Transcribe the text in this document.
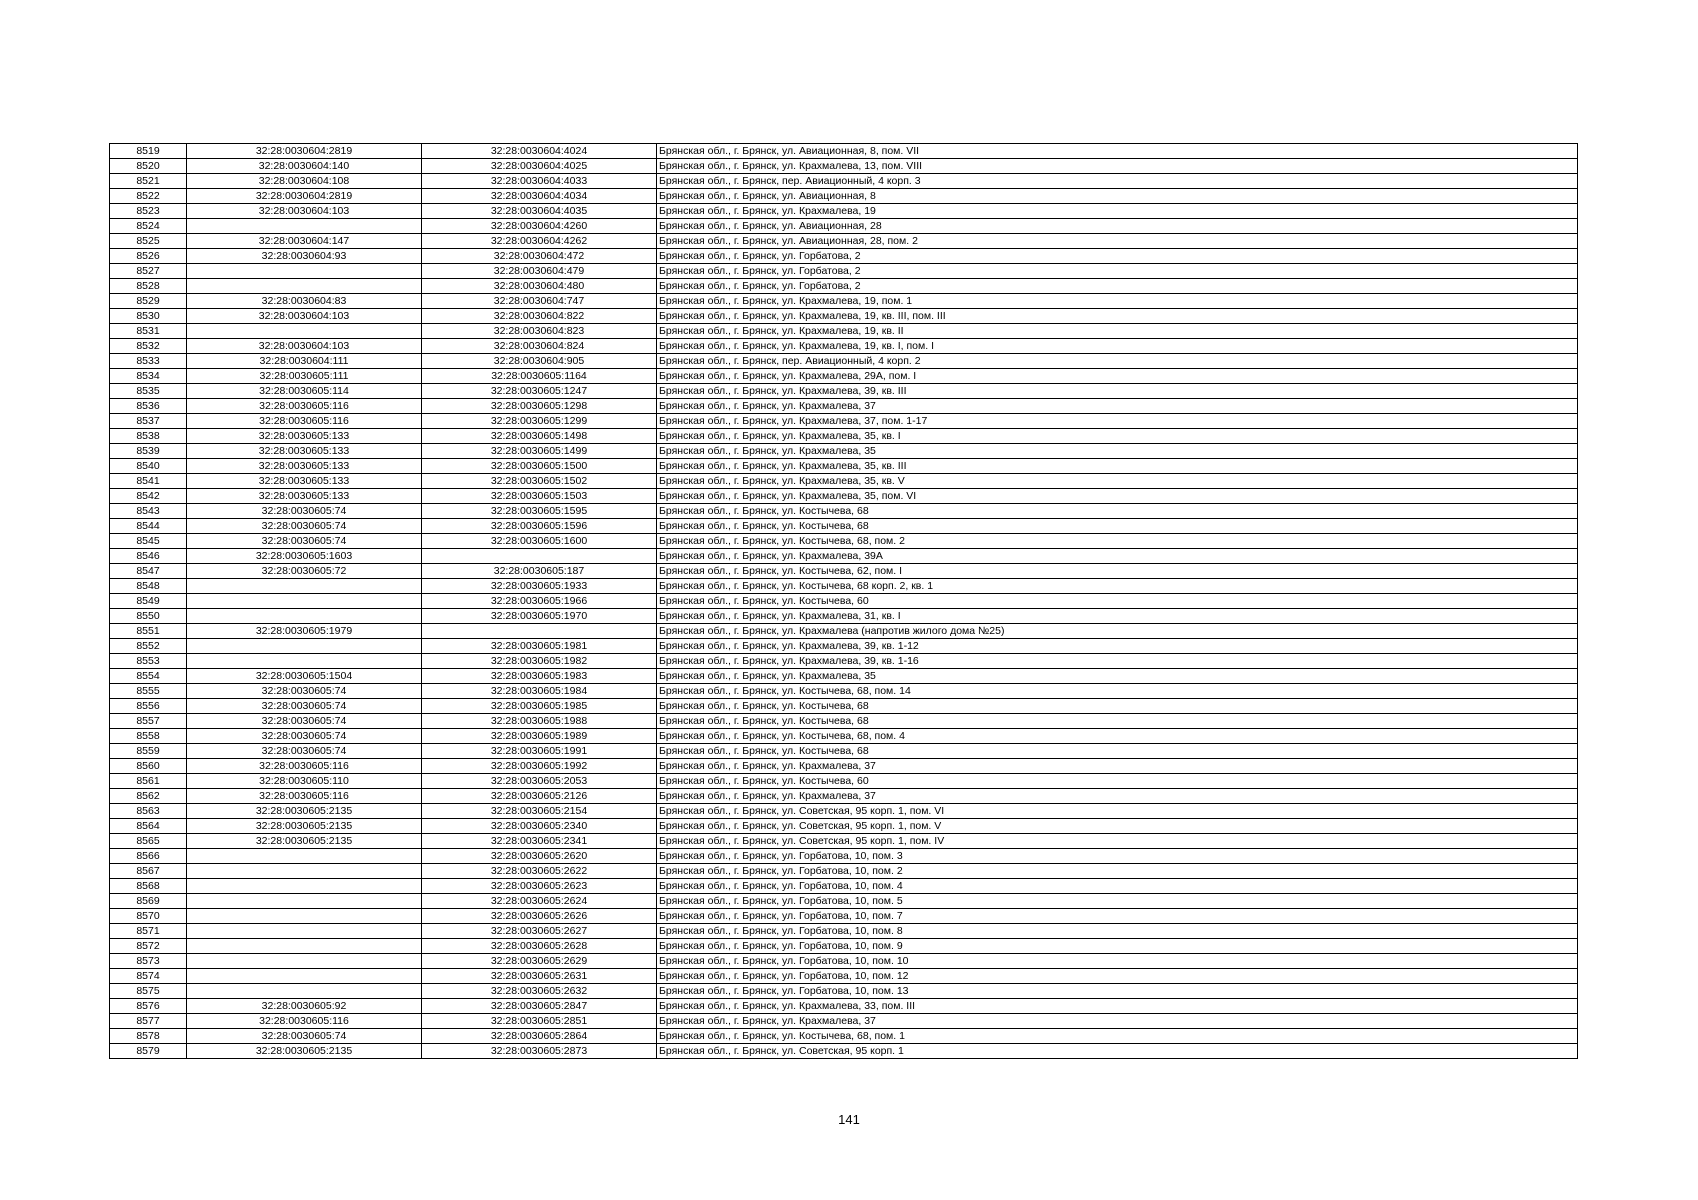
8519	32:28:0030604:2819	32:28:0030604:4024	Брянская обл., г. Брянск, ул. Авиационная, 8, пом. VII
8520	32:28:0030604:140	32:28:0030604:4025	Брянская обл., г. Брянск, ул. Крахмалева, 13, пом. VIII
8521	32:28:0030604:108	32:28:0030604:4033	Брянская обл., г. Брянск, пер. Авиационный, 4 корп. 3
8522	32:28:0030604:2819	32:28:0030604:4034	Брянская обл., г. Брянск, ул. Авиационная, 8
8523	32:28:0030604:103	32:28:0030604:4035	Брянская обл., г. Брянск, ул. Крахмалева, 19
8524		32:28:0030604:4260	Брянская обл., г. Брянск, ул. Авиационная, 28
8525	32:28:0030604:147	32:28:0030604:4262	Брянская обл., г. Брянск, ул. Авиационная, 28, пом. 2
8526	32:28:0030604:93	32:28:0030604:472	Брянская обл., г. Брянск, ул. Горбатова, 2
8527		32:28:0030604:479	Брянская обл., г. Брянск, ул. Горбатова, 2
8528		32:28:0030604:480	Брянская обл., г. Брянск, ул. Горбатова, 2
8529	32:28:0030604:83	32:28:0030604:747	Брянская обл., г. Брянск, ул. Крахмалева, 19, пом. 1
8530	32:28:0030604:103	32:28:0030604:822	Брянская обл., г. Брянск, ул. Крахмалева, 19, кв. III, пом. III
8531		32:28:0030604:823	Брянская обл., г. Брянск, ул. Крахмалева, 19, кв. II
8532	32:28:0030604:103	32:28:0030604:824	Брянская обл., г. Брянск, ул. Крахмалева, 19, кв. I, пом. I
8533	32:28:0030604:111	32:28:0030604:905	Брянская обл., г. Брянск, пер. Авиационный, 4 корп. 2
8534	32:28:0030605:111	32:28:0030605:1164	Брянская обл., г. Брянск, ул. Крахмалева, 29А, пом. I
8535	32:28:0030605:114	32:28:0030605:1247	Брянская обл., г. Брянск, ул. Крахмалева, 39, кв. III
8536	32:28:0030605:116	32:28:0030605:1298	Брянская обл., г. Брянск, ул. Крахмалева, 37
8537	32:28:0030605:116	32:28:0030605:1299	Брянская обл., г. Брянск, ул. Крахмалева, 37, пом. 1-17
8538	32:28:0030605:133	32:28:0030605:1498	Брянская обл., г. Брянск, ул. Крахмалева, 35, кв. I
8539	32:28:0030605:133	32:28:0030605:1499	Брянская обл., г. Брянск, ул. Крахмалева, 35
8540	32:28:0030605:133	32:28:0030605:1500	Брянская обл., г. Брянск, ул. Крахмалева, 35, кв. III
8541	32:28:0030605:133	32:28:0030605:1502	Брянская обл., г. Брянск, ул. Крахмалева, 35, кв. V
8542	32:28:0030605:133	32:28:0030605:1503	Брянская обл., г. Брянск, ул. Крахмалева, 35, пом. VI
8543	32:28:0030605:74	32:28:0030605:1595	Брянская обл., г. Брянск, ул. Костычева, 68
8544	32:28:0030605:74	32:28:0030605:1596	Брянская обл., г. Брянск, ул. Костычева, 68
8545	32:28:0030605:74	32:28:0030605:1600	Брянская обл., г. Брянск, ул. Костычева, 68, пом. 2
8546	32:28:0030605:1603		Брянская обл., г. Брянск, ул. Крахмалева, 39А
8547	32:28:0030605:72	32:28:0030605:187	Брянская обл., г. Брянск, ул. Костычева, 62, пом. I
8548		32:28:0030605:1933	Брянская обл., г. Брянск, ул. Костычева, 68 корп. 2, кв. 1
8549		32:28:0030605:1966	Брянская обл., г. Брянск, ул. Костычева, 60
8550		32:28:0030605:1970	Брянская обл., г. Брянск, ул. Крахмалева, 31, кв. I
8551	32:28:0030605:1979		Брянская обл., г. Брянск, ул. Крахмалева (напротив жилого дома №25)
8552		32:28:0030605:1981	Брянская обл., г. Брянск, ул. Крахмалева, 39, кв. 1-12
8553		32:28:0030605:1982	Брянская обл., г. Брянск, ул. Крахмалева, 39, кв. 1-16
8554	32:28:0030605:1504	32:28:0030605:1983	Брянская обл., г. Брянск, ул. Крахмалева, 35
8555	32:28:0030605:74	32:28:0030605:1984	Брянская обл., г. Брянск, ул. Костычева, 68, пом. 14
8556	32:28:0030605:74	32:28:0030605:1985	Брянская обл., г. Брянск, ул. Костычева, 68
8557	32:28:0030605:74	32:28:0030605:1988	Брянская обл., г. Брянск, ул. Костычева, 68
8558	32:28:0030605:74	32:28:0030605:1989	Брянская обл., г. Брянск, ул. Костычева, 68, пом. 4
8559	32:28:0030605:74	32:28:0030605:1991	Брянская обл., г. Брянск, ул. Костычева, 68
8560	32:28:0030605:116	32:28:0030605:1992	Брянская обл., г. Брянск, ул. Крахмалева, 37
8561	32:28:0030605:110	32:28:0030605:2053	Брянская обл., г. Брянск, ул. Костычева, 60
8562	32:28:0030605:116	32:28:0030605:2126	Брянская обл., г. Брянск, ул. Крахмалева, 37
8563	32:28:0030605:2135	32:28:0030605:2154	Брянская обл., г. Брянск, ул. Советская, 95 корп. 1, пом. VI
8564	32:28:0030605:2135	32:28:0030605:2340	Брянская обл., г. Брянск, ул. Советская, 95 корп. 1, пом. V
8565	32:28:0030605:2135	32:28:0030605:2341	Брянская обл., г. Брянск, ул. Советская, 95 корп. 1, пом. IV
8566		32:28:0030605:2620	Брянская обл., г. Брянск, ул. Горбатова, 10, пом. 3
8567		32:28:0030605:2622	Брянская обл., г. Брянск, ул. Горбатова, 10, пом. 2
8568		32:28:0030605:2623	Брянская обл., г. Брянск, ул. Горбатова, 10, пом. 4
8569		32:28:0030605:2624	Брянская обл., г. Брянск, ул. Горбатова, 10, пом. 5
8570		32:28:0030605:2626	Брянская обл., г. Брянск, ул. Горбатова, 10, пом. 7
8571		32:28:0030605:2627	Брянская обл., г. Брянск, ул. Горбатова, 10, пом. 8
8572		32:28:0030605:2628	Брянская обл., г. Брянск, ул. Горбатова, 10, пом. 9
8573		32:28:0030605:2629	Брянская обл., г. Брянск, ул. Горбатова, 10, пом. 10
8574		32:28:0030605:2631	Брянская обл., г. Брянск, ул. Горбатова, 10, пом. 12
8575		32:28:0030605:2632	Брянская обл., г. Брянск, ул. Горбатова, 10, пом. 13
8576	32:28:0030605:92	32:28:0030605:2847	Брянская обл., г. Брянск, ул. Крахмалева, 33, пом. III
8577	32:28:0030605:116	32:28:0030605:2851	Брянская обл., г. Брянск, ул. Крахмалева, 37
8578	32:28:0030605:74	32:28:0030605:2864	Брянская обл., г. Брянск, ул. Костычева, 68, пом. 1
8579	32:28:0030605:2135	32:28:0030605:2873	Брянская обл., г. Брянск, ул. Советская, 95 корп. 1
141
